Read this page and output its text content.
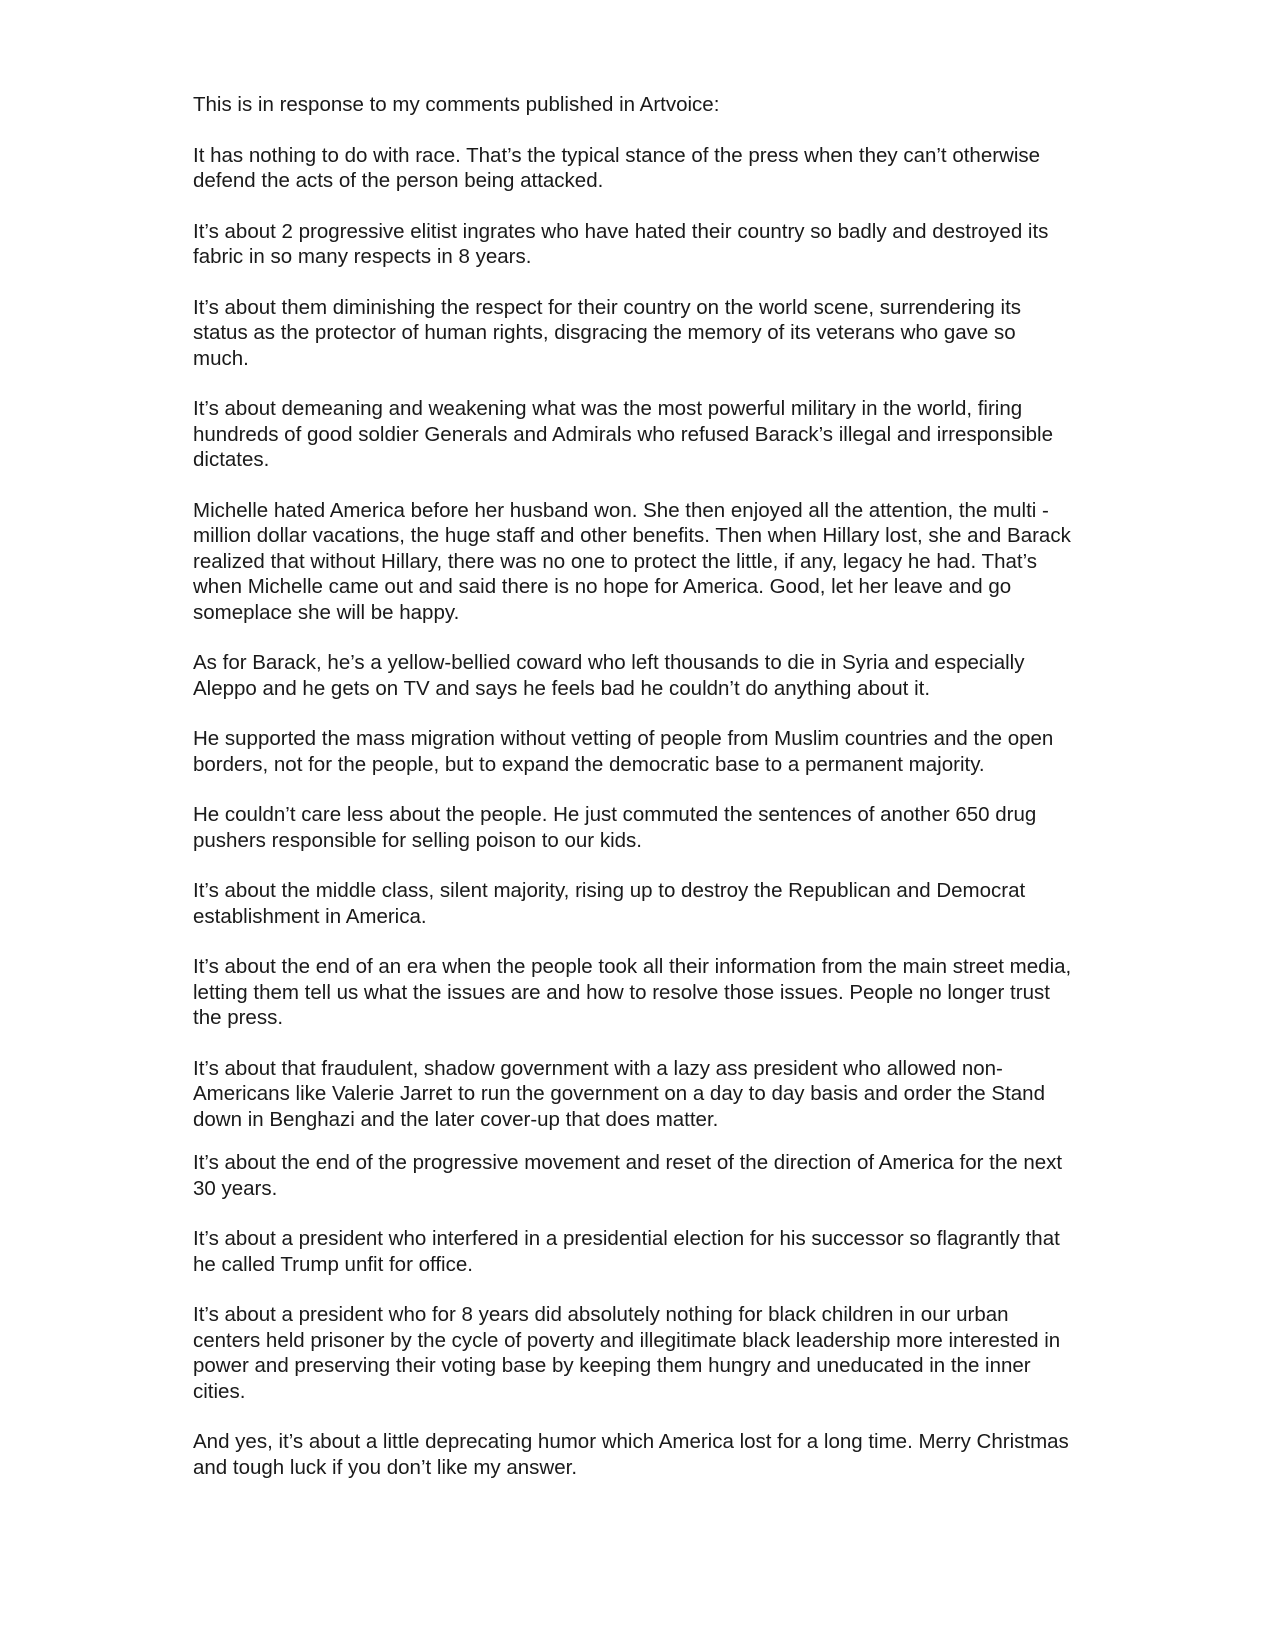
This is in response to my comments published in Artvoice:

It has nothing to do with race. That’s the typical stance of the press when they can’t otherwise defend the acts of the person being attacked.

It’s about 2 progressive elitist ingrates who have hated their country so badly and destroyed its fabric in so many respects in 8 years.

It’s about them diminishing the respect for their country on the world scene, surrendering its status as the protector of human rights, disgracing the memory of its veterans who gave so much.

It’s about demeaning and weakening what was the most powerful military in the world, firing hundreds of good soldier Generals and Admirals who refused Barack’s illegal and irresponsible dictates.

Michelle hated America before her husband won. She then enjoyed all the attention, the multi -million dollar vacations, the huge staff and other benefits. Then when Hillary lost, she and Barack realized that without Hillary, there was no one to protect the little, if any, legacy he had. That’s when Michelle came out and said there is no hope for America. Good, let her leave and go someplace she will be happy.

As for Barack, he’s a yellow-bellied coward who left thousands to die in Syria and especially Aleppo and he gets on TV and says he feels bad he couldn’t do anything about it.

He supported the mass migration without vetting of people from Muslim countries and the open borders, not for the people, but to expand the democratic base to a permanent majority.

He couldn’t care less about the people. He just commuted the sentences of another 650 drug pushers responsible for selling poison to our kids.

It’s about the middle class, silent majority, rising up to destroy the Republican and Democrat establishment in America.

It’s about the end of an era when the people took all their information from the main street media, letting them tell us what the issues are and how to resolve those issues. People no longer trust the press.

It’s about that fraudulent, shadow government with a lazy ass president who allowed non-Americans like Valerie Jarret to run the government on a day to day basis and order the Stand down in Benghazi and the later cover-up that does matter.

It’s about the end of the progressive movement and reset of the direction of America for the next 30 years.

It’s about a president who interfered in a presidential election for his successor so flagrantly that he called Trump unfit for office.

It’s about a president who for 8 years did absolutely nothing for black children in our urban centers held prisoner by the cycle of poverty and illegitimate black leadership more interested in power and preserving their voting base by keeping them hungry and uneducated in the inner cities.

And yes, it’s about a little deprecating humor which America lost for a long time. Merry Christmas and tough luck if you don’t like my answer.
